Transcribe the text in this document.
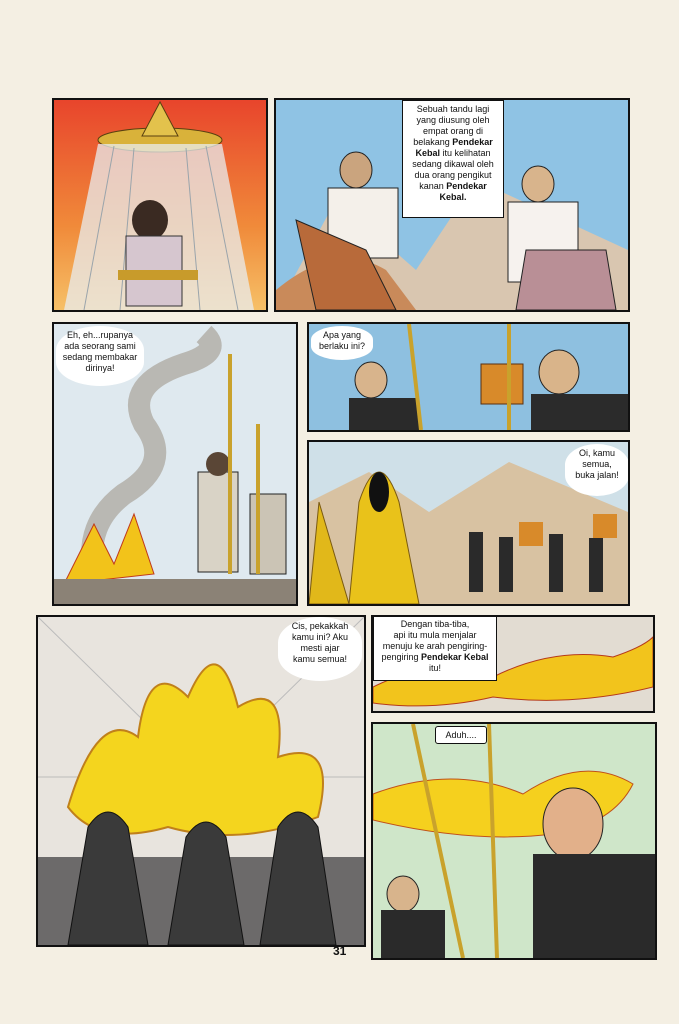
Sebuah tandu lagi
yang diusung oleh
empat orang di
belakang Pendekar
Kebal itu kelihatan
sedang dikawal oleh
dua orang pengikut
kanan Pendekar
Kebal.
Eh, eh...rupanya
ada seorang sami
sedang membakar
dirinya!
Apa yang
berlaku ini?
Oi, kamu
semua,
buka jalan!
Cis, pekakkah
kamu ini? Aku
mesti ajar
kamu semua!
Dengan tiba-tiba,
api itu mula menjalar
menuju ke arah pengiring-
pengiring Pendekar Kebal
itu!
Aduh....
31
